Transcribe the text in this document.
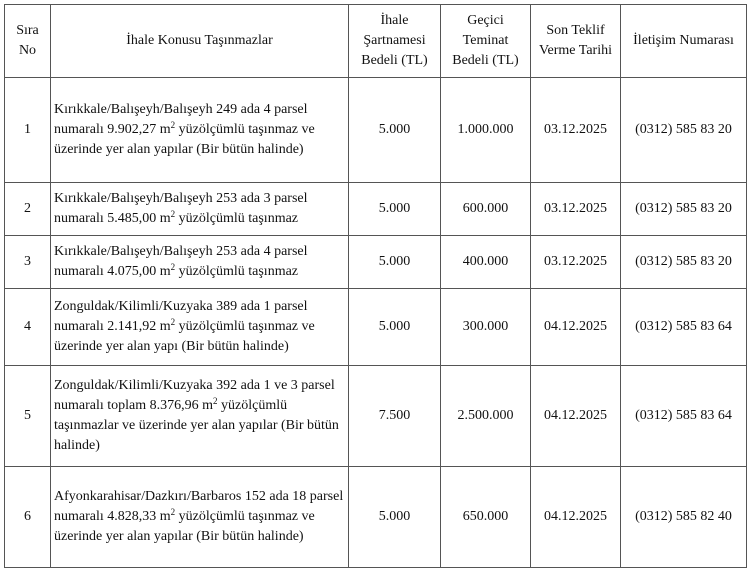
Sıra No	İhale Konusu Taşınmazlar	İhale Şartnamesi Bedeli (TL)	Geçici Teminat Bedeli (TL)	Son Teklif Verme Tarihi	İletişim Numarası
1	Kırıkkale/Balışeyh/Balışeyh 249 ada 4 parsel numaralı 9.902,27 $m^2$ yüzölçümlü taşınmaz ve üzerinde yer alan yapılar (Bir bütün halinde)	5.000	1.000.000	03.12.2025	(0312) 585 83 20
2	Kırıkkale/Balışeyh/Balışeyh 253 ada 3 parsel numaralı 5.485,00 $m^2$ yüzölçümlü taşınmaz	5.000	600.000	03.12.2025	(0312) 585 83 20
3	Kırıkkale/Balışeyh/Balışeyh 253 ada 4 parsel numaralı 4.075,00 $m^2$ yüzölçümlü taşınmaz	5.000	400.000	03.12.2025	(0312) 585 83 20
4	Zonguldak/Kilimli/Kuzyaka 389 ada 1 parsel numaralı 2.141,92 $m^2$ yüzölçümlü taşınmaz ve üzerinde yer alan yapı (Bir bütün halinde)	5.000	300.000	04.12.2025	(0312) 585 83 64
5	Zonguldak/Kilimli/Kuzyaka 392 ada 1 ve 3 parsel numaralı toplam 8.376,96 $m^2$ yüzölçümlü taşınmazlar ve üzerinde yer alan yapılar (Bir bütün halinde)	7.500	2.500.000	04.12.2025	(0312) 585 83 64
6	Afyonkarahisar/Dazkırı/Barbaros 152 ada 18 parsel numaralı 4.828,33 $m^2$ yüzölçümlü taşınmaz ve üzerinde yer alan yapılar (Bir bütün halinde)	5.000	650.000	04.12.2025	(0312) 585 82 40
